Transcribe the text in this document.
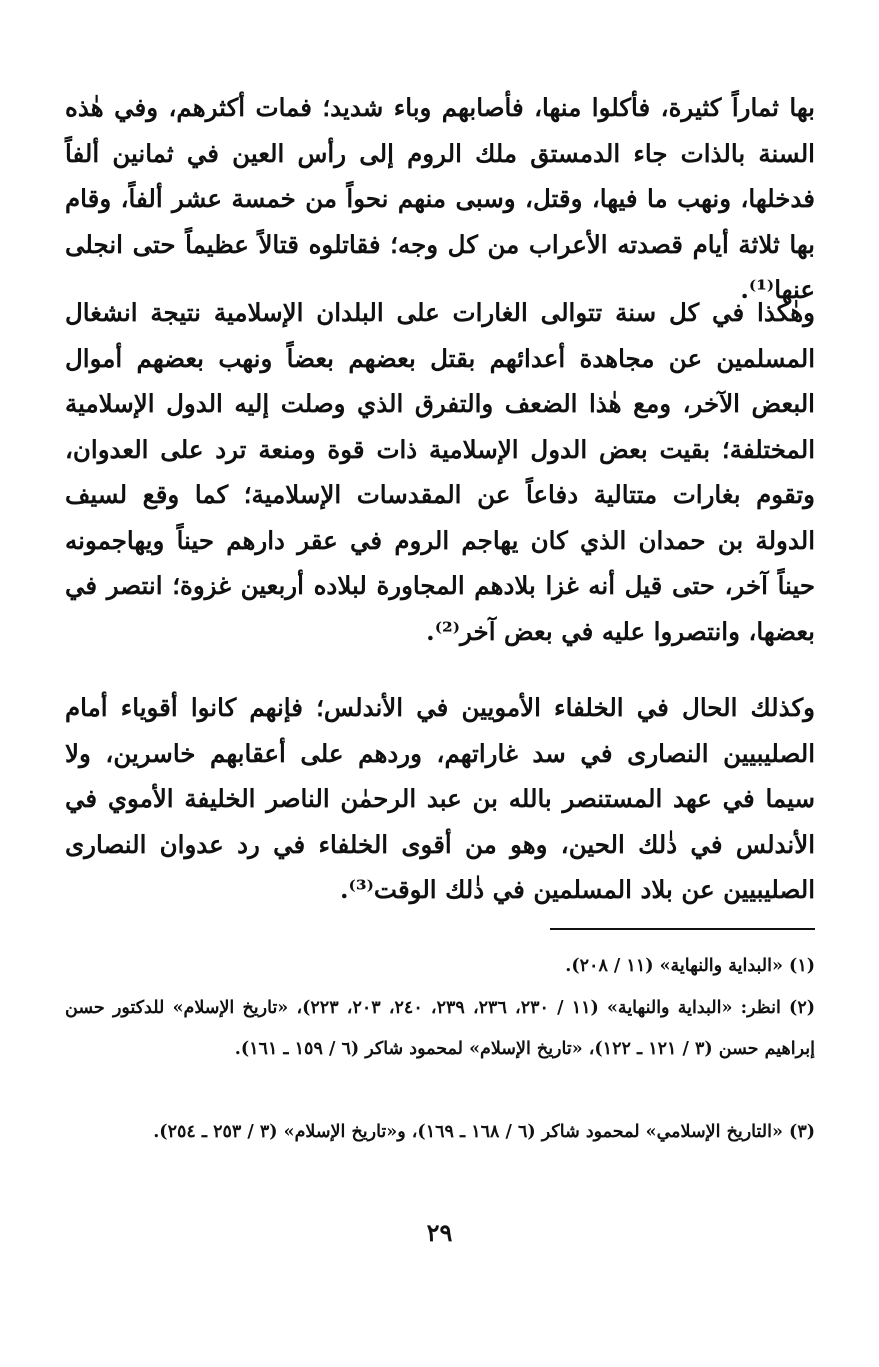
بها ثماراً كثيرة، فأكلوا منها، فأصابهم وباء شديد؛ فمات أكثرهم، وفي هٰذه السنة بالذات جاء الدمستق ملك الروم إلى رأس العين في ثمانين ألفاً فدخلها، ونهب ما فيها، وقتل، وسبى منهم نحواً من خمسة عشر ألفاً، وقام بها ثلاثة أيام قصدته الأعراب من كل وجه؛ فقاتلوه قتالاً عظيماً حتى انجلى عنها⁽¹⁾.

وهٰكذا في كل سنة تتوالى الغارات على البلدان الإسلامية نتيجة انشغال المسلمين عن مجاهدة أعدائهم بقتل بعضهم بعضاً ونهب بعضهم أموال البعض الآخر، ومع هٰذا الضعف والتفرق الذي وصلت إليه الدول الإسلامية المختلفة؛ بقيت بعض الدول الإسلامية ذات قوة ومنعة ترد على العدوان، وتقوم بغارات متتالية دفاعاً عن المقدسات الإسلامية؛ كما وقع لسيف الدولة بن حمدان الذي كان يهاجم الروم في عقر دارهم حيناً ويهاجمونه حيناً آخر، حتى قيل أنه غزا بلادهم المجاورة لبلاده أربعين غزوة؛ انتصر في بعضها، وانتصروا عليه في بعض آخر⁽²⁾.

وكذلك الحال في الخلفاء الأمويين في الأندلس؛ فإنهم كانوا أقوياء أمام الصليبيين النصارى في سد غاراتهم، وردهم على أعقابهم خاسرين، ولا سيما في عهد المستنصر بالله بن عبد الرحمٰن الناصر الخليفة الأموي في الأندلس في ذٰلك الحين، وهو من أقوى الخلفاء في رد عدوان النصارى الصليبيين عن بلاد المسلمين في ذٰلك الوقت⁽³⁾.

(١) «البداية والنهاية» (١١ / ٢٠٨).

(٢) انظر: «البداية والنهاية» (١١ / ٢٣٠، ٢٣٦، ٢٣٩، ٢٤٠، ٢٠٣، ٢٢٣)، «تاريخ الإسلام» للدكتور حسن إبراهيم حسن (٣ / ١٢١ ـ ١٢٢)، «تاريخ الإسلام» لمحمود شاكر (٦ / ١٥٩ ـ ١٦١).

(٣) «التاريخ الإسلامي» لمحمود شاكر (٦ / ١٦٨ ـ ١٦٩)، و«تاريخ الإسلام» (٣ / ٢٥٣ ـ ٢٥٤).

٢٩
